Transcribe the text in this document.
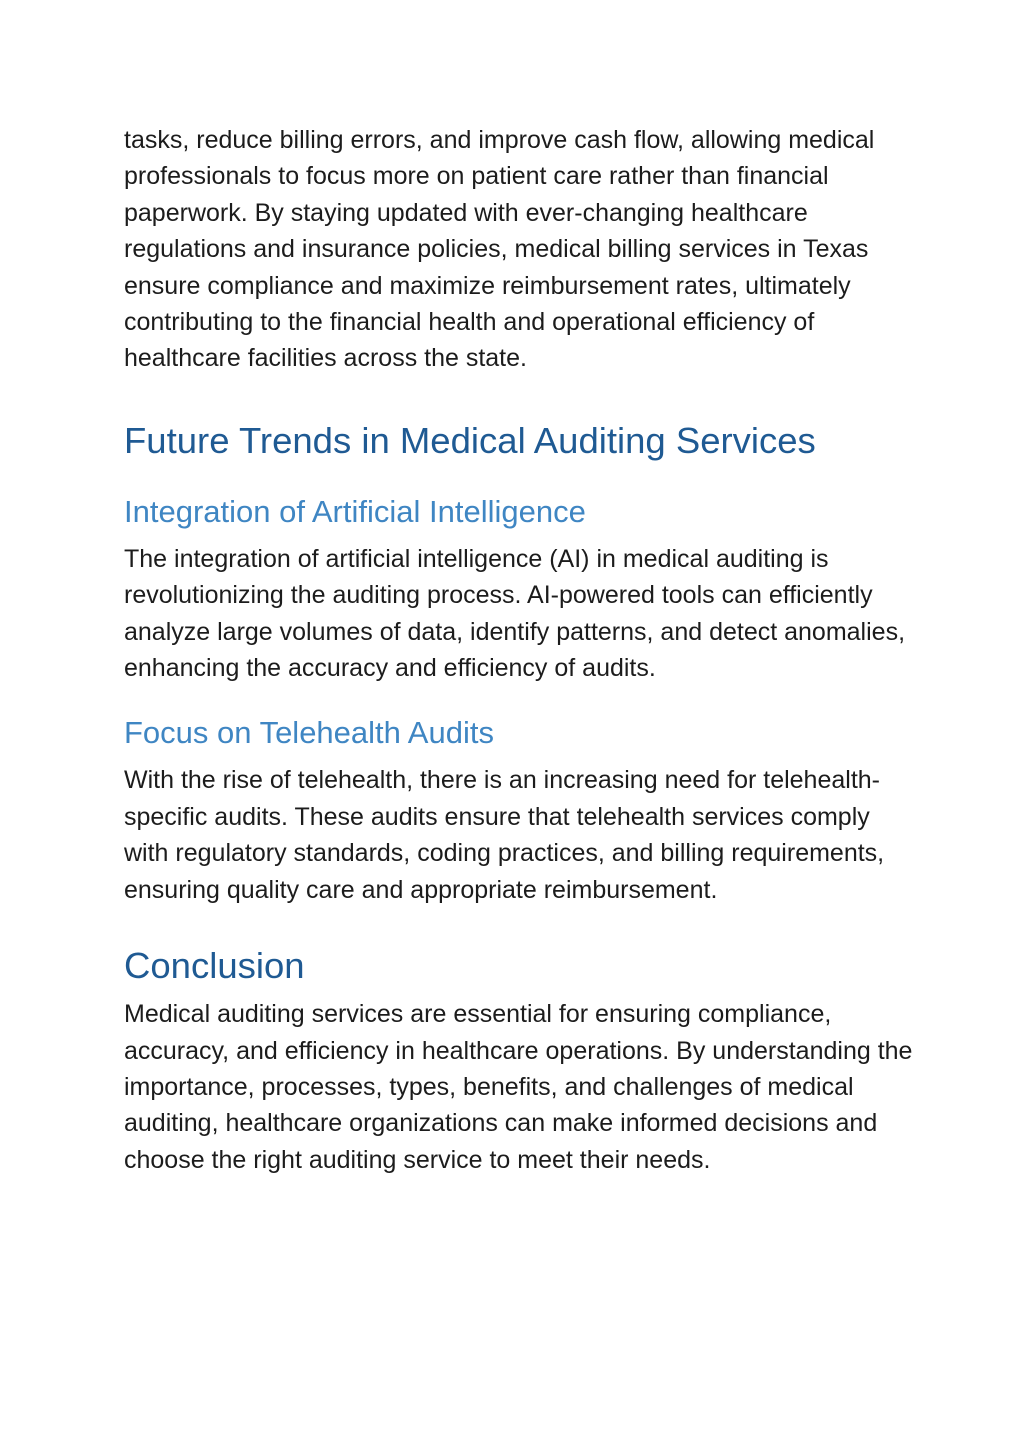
tasks, reduce billing errors, and improve cash flow, allowing medical professionals to focus more on patient care rather than financial paperwork. By staying updated with ever-changing healthcare regulations and insurance policies, medical billing services in Texas ensure compliance and maximize reimbursement rates, ultimately contributing to the financial health and operational efficiency of healthcare facilities across the state.

Future Trends in Medical Auditing Services
Integration of Artificial Intelligence

The integration of artificial intelligence (AI) in medical auditing is revolutionizing the auditing process. AI-powered tools can efficiently analyze large volumes of data, identify patterns, and detect anomalies, enhancing the accuracy and efficiency of audits.

Focus on Telehealth Audits

With the rise of telehealth, there is an increasing need for telehealth-specific audits. These audits ensure that telehealth services comply with regulatory standards, coding practices, and billing requirements, ensuring quality care and appropriate reimbursement.

Conclusion

Medical auditing services are essential for ensuring compliance, accuracy, and efficiency in healthcare operations. By understanding the importance, processes, types, benefits, and challenges of medical auditing, healthcare organizations can make informed decisions and choose the right auditing service to meet their needs.
